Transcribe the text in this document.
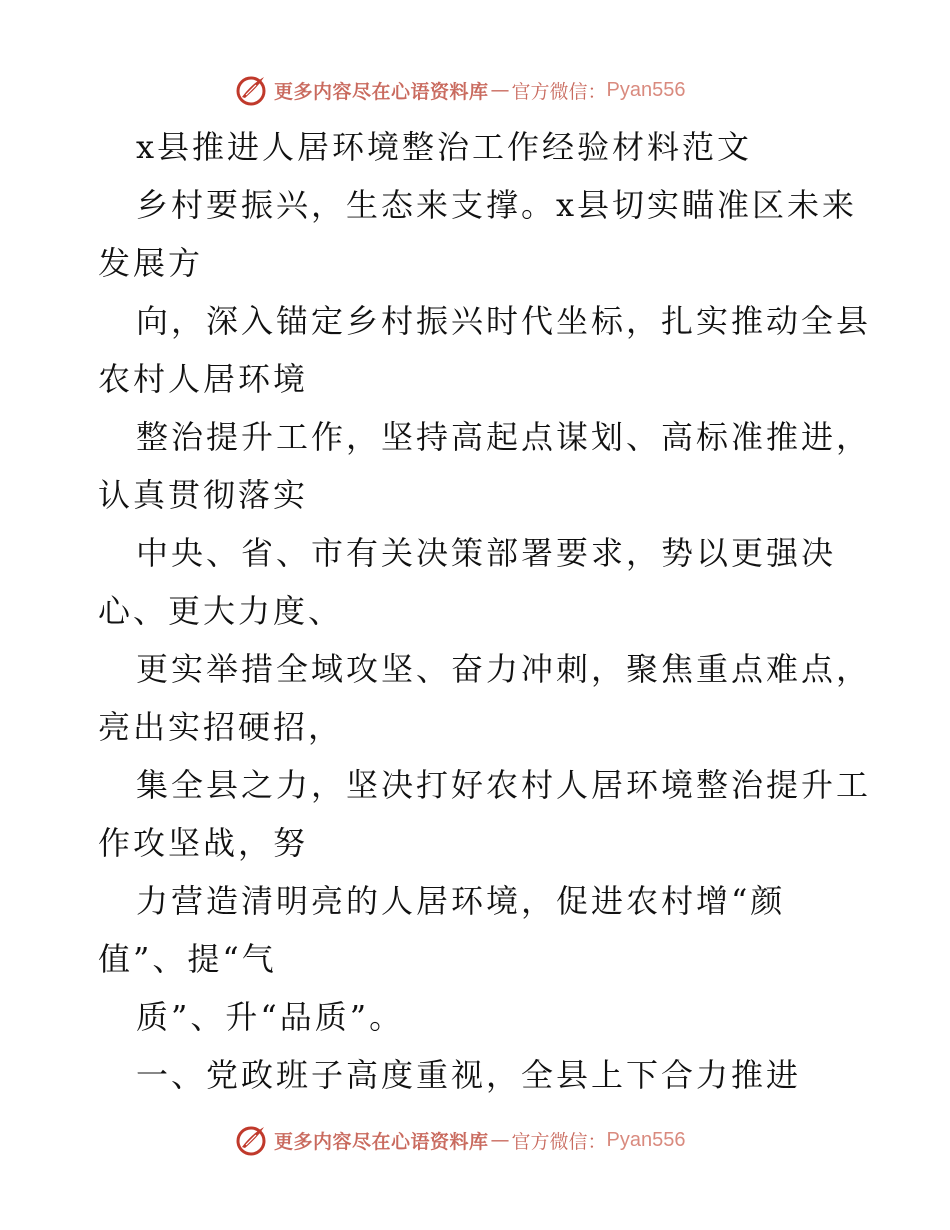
更多内容尽在心语资料库 — 官方微信： Pyan556
x县推进人居环境整治工作经验材料范文
乡村要振兴，生态来支撑。x县切实瞄准区未来
发展方
向，深入锚定乡村振兴时代坐标，扎实推动全县
农村人居环境
整治提升工作，坚持高起点谋划、高标准推进，
认真贯彻落实
中央、省、市有关决策部署要求，势以更强决
心、更大力度、
更实举措全域攻坚、奋力冲刺，聚焦重点难点，
亮出实招硬招，
集全县之力，坚决打好农村人居环境整治提升工
作攻坚战，努
力营造清明亮的人居环境，促进农村增“颜
值”、提“气
质”、升“品质”。
一、党政班子高度重视，全县上下合力推进
更多内容尽在心语资料库 — 官方微信： Pyan556
